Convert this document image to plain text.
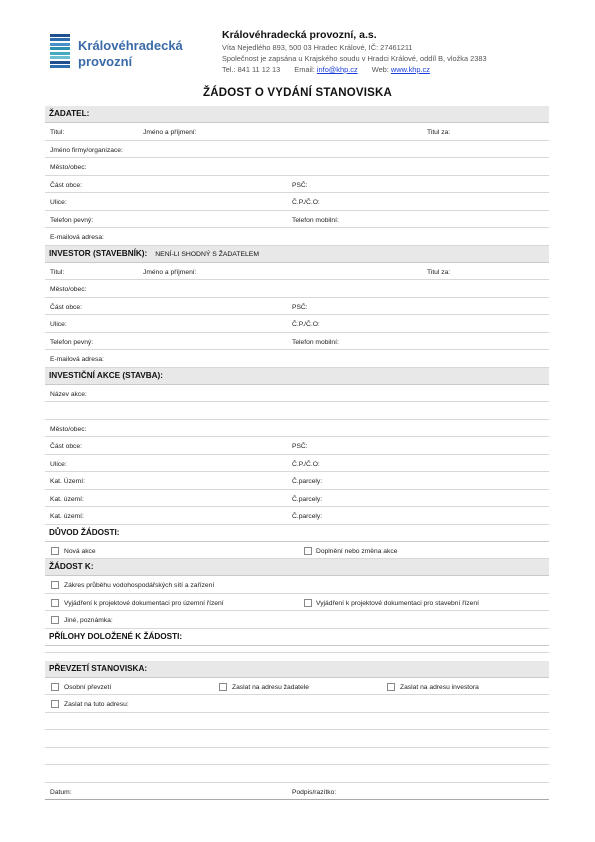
Královéhradecká
provozní
Královéhradecká provozní, a.s.
Víta Nejedlého 893, 500 03 Hradec Králové, IČ: 27461211
Společnost je zapsána u Krajského soudu v Hradci Králové, oddíl B, vložka 2383
Tel.: 841 11 12 13 Email: info@khp.cz Web: www.khp.cz
ŽÁDOST O VYDÁNÍ STANOVISKA
ŽADATEL:
Titul:	Jméno a příjmení:	Titul za:
Jméno firmy/organizace:
Město/obec:
Část obce:	PSČ:
Ulice:	Č.P./Č.O:
Telefon pevný:	Telefon mobilní:
E-mailová adresa:
INVESTOR (STAVEBNÍK): NENÍ-LI SHODNÝ S ŽADATELEM
Titul:	Jméno a příjmení:	Titul za:
Město/obec:
Část obce:	PSČ:
Ulice:	Č.P./Č.O:
Telefon pevný:	Telefon mobilní:
E-mailová adresa:
INVESTIČNÍ AKCE (STAVBA):
Název akce:
Město/obec:
Část obce:	PSČ:
Ulice:	Č.P./Č.O:
Kat. Území:	Č.parcely:
Kat. území:	Č.parcely:
Kat. území:	Č.parcely:
DŮVOD ŽÁDOSTI:
Nová akce	Doplnění nebo změna akce
ŽÁDOST K:
Zákres průběhu vodohospodářských sítí a zařízení
Vyjádření k projektové dokumentaci pro územní řízení	Vyjádření k projektové dokumentaci pro stavební řízení
Jiné, poznámka:
PŘÍLOHY DOLOŽENÉ K ŽÁDOSTI:
PŘEVZETÍ STANOVISKA:
Osobní převzetí	Zaslat na adresu žadatele	Zaslat na adresu investora
Zaslat na tuto adresu:
Datum:	Podpis/razítko:
